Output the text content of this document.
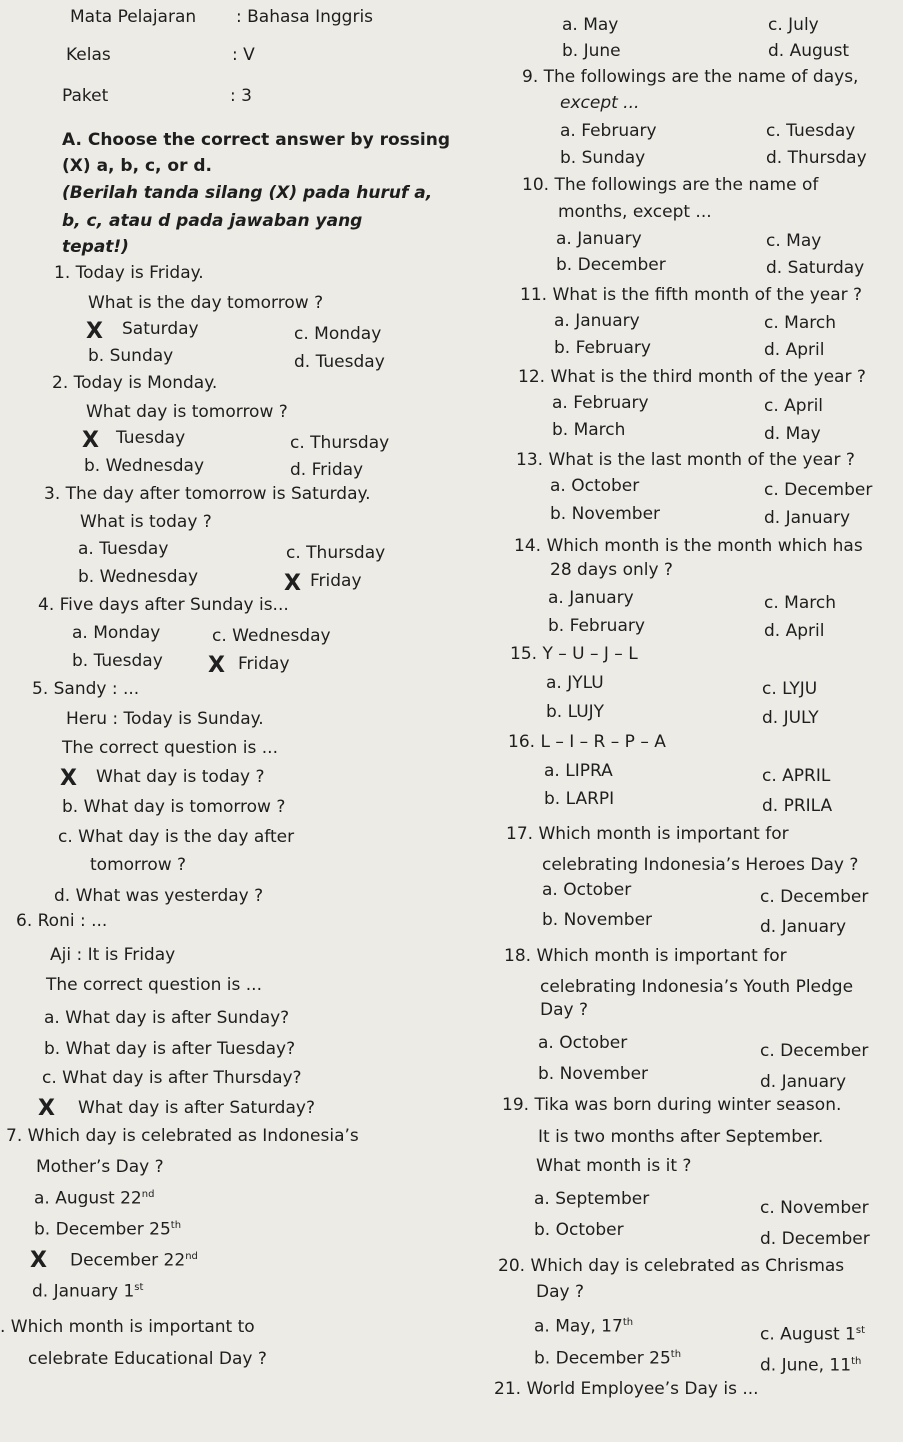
Mata Pelajaran : Bahasa Inggris
Kelas	: V
Paket	: 3
A. Choose the correct answer by rossing
(X) a, b, c, or d.
(Berilah tanda silang (X) pada huruf a,
b, c, atau d pada jawaban yang
tepat!)
1. Today is Friday.
What is the day tomorrow ?
X Saturday
b. Sunday
c. Monday
d. Tuesday
2. Today is Monday.
What day is tomorrow ?
X Tuesday
b. Wednesday
c. Thursday
d. Friday
3. The day after tomorrow is Saturday.
What is today ?
a. Tuesday
b. Wednesday
c. Thursday
X Friday
4. Five days after Sunday is...
a. Monday
b. Tuesday
c. Wednesday
X Friday
5. Sandy : ...
Heru : Today is Sunday.
The correct question is ...
X What day is today ?
b. What day is tomorrow ?
c. What day is the day after
tomorrow ?
d. What was yesterday ?
6. Roni : ...
Aji : It is Friday
The correct question is ...
a. What day is after Sunday?
b. What day is after Tuesday?
c. What day is after Thursday?
X What day is after Saturday?
7. Which day is celebrated as Indonesia’s
Mother’s Day ?
a. August 22nd
b. December 25th
X December 22nd
d. January 1st
. Which month is important to
celebrate Educational Day ?
a. May
b. June
c. July
d. August
9. The followings are the name of days,
except ...
a. February
b. Sunday
c. Tuesday
d. Thursday
10. The followings are the name of
months, except ...
a. January
b. December
c. May
d. Saturday
11. What is the fifth month of the year ?
a. January
b. February
c. March
d. April
12. What is the third month of the year ?
a. February
b. March
c. April
d. May
13. What is the last month of the year ?
a. October
b. November
c. December
d. January
14. Which month is the month which has
28 days only ?
a. January
b. February
c. March
d. April
15. Y – U – J – L
a. JYLU
b. LUJY
c. LYJU
d. JULY
16. L – I – R – P – A
a. LIPRA
b. LARPI
c. APRIL
d. PRILA
17. Which month is important for
celebrating Indonesia’s Heroes Day ?
a. October
b. November
c. December
d. January
18. Which month is important for
celebrating Indonesia’s Youth Pledge
Day ?
a. October
b. November
c. December
d. January
19. Tika was born during winter season.
It is two months after September.
What month is it ?
a. September
b. October
c. November
d. December
20. Which day is celebrated as Chrismas
Day ?
a. May, 17th
b. December 25th
c. August 1st
d. June, 11th
21. World Employee’s Day is ...
